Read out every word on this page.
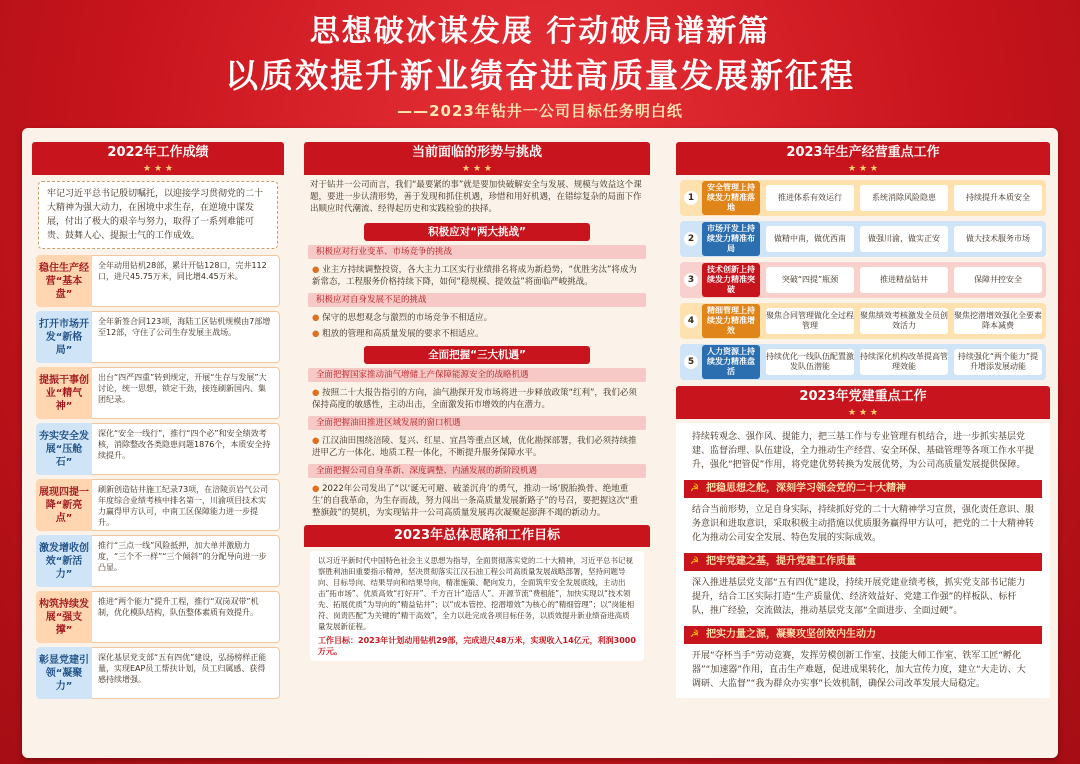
思想破冰谋发展 行动破局谱新篇
以质效提升新业绩奋进高质量发展新征程
——2023年钻井一公司目标任务明白纸
2022年工作成绩
★ ★ ★
牢记习近平总书记殷切嘱托，以迎接学习贯彻党的二十大精神为强大动力，在困境中求生存，在逆境中谋发展，付出了极大的艰辛与努力，取得了一系列难能可贵、鼓舞人心、提振士气的工作成效。
稳住生产经营“基本盘”
全年动用钻机28部，累计开钻128口，完井112口，进尺45.75万米，同比增4.45万米。
打开市场开发“新格局”
全年新签合同123项，海陆工区钻机规模由7部增至12部，守住了公司生存发展主战场。
提振干事创业“精气神”
出台“四严四重”转到规定，开展“生存与发展”大讨论，统一思想，锁定干劲，接连刷新国内、集团纪录。
夯实安全发展“压舱石”
深化“安全一线行”，推行“四个必”和安全绩效考核，消除整改各类隐患问题1876个，本质安全持续提升。
展现四提一降“新亮点”
刷新创造钻井施工纪录73项，在涪陵页岩气公司年度综合业绩考核中排名第一，川渝项目技术实力赢得甲方认可，中南工区保障能力进一步提升。
激发增收创效“新活力”
推行“三点一线”风险抵押，加大单井激励力度，“三个不一样”“三个倾斜”的分配导向进一步凸显。
构筑持续发展“强支撑”
推进“两个能力”提升工程，推行“双岗双带”机制，优化模队结构，队伍整体素质有效提升。
彰显党建引领“凝聚力”
深化基层党支部“五有四优”建设，弘扬榜样正能量，实现EAP员工帮扶计划，员工归属感、获得感持续增强。
当前面临的形势与挑战
★ ★ ★
对于钻井一公司而言，我们“最要紧的事”就是要加快破解安全与发展、规模与效益这个课题，要进一步认清形势，善于发现和抓住机遇，珍惜和用好机遇，在错综复杂的局面下作出顺应时代潮流、经得起历史和实践检验的抉择。
积极应对“两大挑战”
积极应对行业变革、市场竞争的挑战
● 业主方持续调整投资，各大主力工区实行业绩排名将成为新趋势，“优胜劣汰”将成为新常态，工程服务价格持续下降，如何“稳规模、提效益”将面临严峻挑战。
积极应对自身发展不足的挑战
● 保守的思想观念与激烈的市场竞争不相适应。
● 粗放的管理和高质量发展的要求不相适应。
全面把握“三大机遇”
全面把握国家推动油气增储上产保障能源安全的战略机遇
● 按照二十大报告指引的方向，油气勘探开发市场将进一步释放政策“红利”，我们必须保持高度的敏感性，主动出击，全面激发拓市增效的内在潜力。
全面把握油田推进区域发展的窗口机遇
● 江汉油田围绕涪陵、复兴、红星、宜昌等重点区域，优化勘探部署，我们必须持续推进甲乙方一体化、地质工程一体化，不断提升服务保障水平。
全面把握公司自身革新、深度调整、内涵发展的新阶段机遇
● 2022年公司发出了“以‘诞无可避、破釜沉舟’的勇气，推动一场‘脱胎换骨、绝地重生’的自我革命，为生存而战，努力闯出一条高质量发展新路子”的号召，要把握这次“重整旗鼓”的契机，为实现钻井一公司高质量发展再次凝聚起澎湃不竭的新动力。
2023年总体思路和工作目标
以习近平新时代中国特色社会主义思想为指导，全面贯彻落实党的二十大精神，习近平总书记视察胜利油田重要指示精神，坚决贯彻落实江汉石油工程公司高质量发展战略部署，坚持问题导向、目标导向、结果导向和结果导向，精准施策、靶向发力，全面筑牢安全发展底线，主动出击“拓市场”、优质高效“打好开”、千方百计“造活人”、开源节流“费租能”，加快实现以“技术领先、拓展优质”为导向的“精益钻井”；以“成本管控、挖潜增效”为核心的“精细管理”；以“岗能相符、岗责匹配”为关键的“精干高效”，全力以赴完成各项目标任务，以质效提升新业绩奋进高质量发展新征程。
工作目标：2023年计划动用钻机29部，完成进尺48万米，实现收入14亿元，利润3000万元。
2023年生产经营重点工作
★ ★ ★
1
安全管理上持续发力精准落地
推进体系有效运行	系统消除风险隐患	持续提升本质安全
2
市场开发上持续发力精准布局
做精中南，做优西南	做强川渝，做实正安	做大技术服务市场
3
技术创新上持续发力精准突破
突破“四提”瓶颈	推进精益钻井	保障井控安全
4
精细管理上持续发力精准增效
聚焦合同管理做化全过程管理
聚焦绩效考核激发全员创效活力
聚焦挖潜增效强化全要素降本减费
5
人力资源上持续发力精准盘活
持续优化一线队伍配置激发队伍潜能
持续深化机构改革提高管理效能
持续强化“两个能力”提升增添发展动能
2023年党建重点工作
★ ★ ★
持续转观念、强作风、提能力，把三基工作与专业管理有机结合，进一步抓实基层党建、监督治理、队伍建设，全力推动生产经营、安全环保、基础管理等各项工作水平提升，强化“把管促”作用，将党建优势转换为发展优势，为公司高质量发展提供保障。
☭ 把稳思想之舵，深刻学习领会党的二十大精神
结合当前形势，立足自身实际，持续抓好党的二十大精神学习宣贯，强化责任意识、服务意识和进取意识，采取积极主动措施以优质服务赢得甲方认可，把党的二十大精神转化为推动公司安全发展、特色发展的实际成效。
☭ 把牢党建之基，提升党建工作质量
深入推进基层党支部“五有四优”建设，持续开展党建业绩考核，抓实党支部书记能力提升，结合工区实际打造“生产质量优、经济效益好、党建工作强”的样板队、标杆队，推广经验，交流做法，推动基层党支部“全面进步、全面过硬”。
☭ 把实力量之源，凝聚攻坚创效内生动力
开展“夺杯当手”劳动竞赛，发挥劳模创新工作室、技能大师工作室、铁军工匠“孵化器”“加速器”作用，直击生产难题，促进成果转化，加大宣传力度，建立“大走访、大调研、大监督”“我为群众办实事”长效机制，确保公司改革发展大局稳定。
